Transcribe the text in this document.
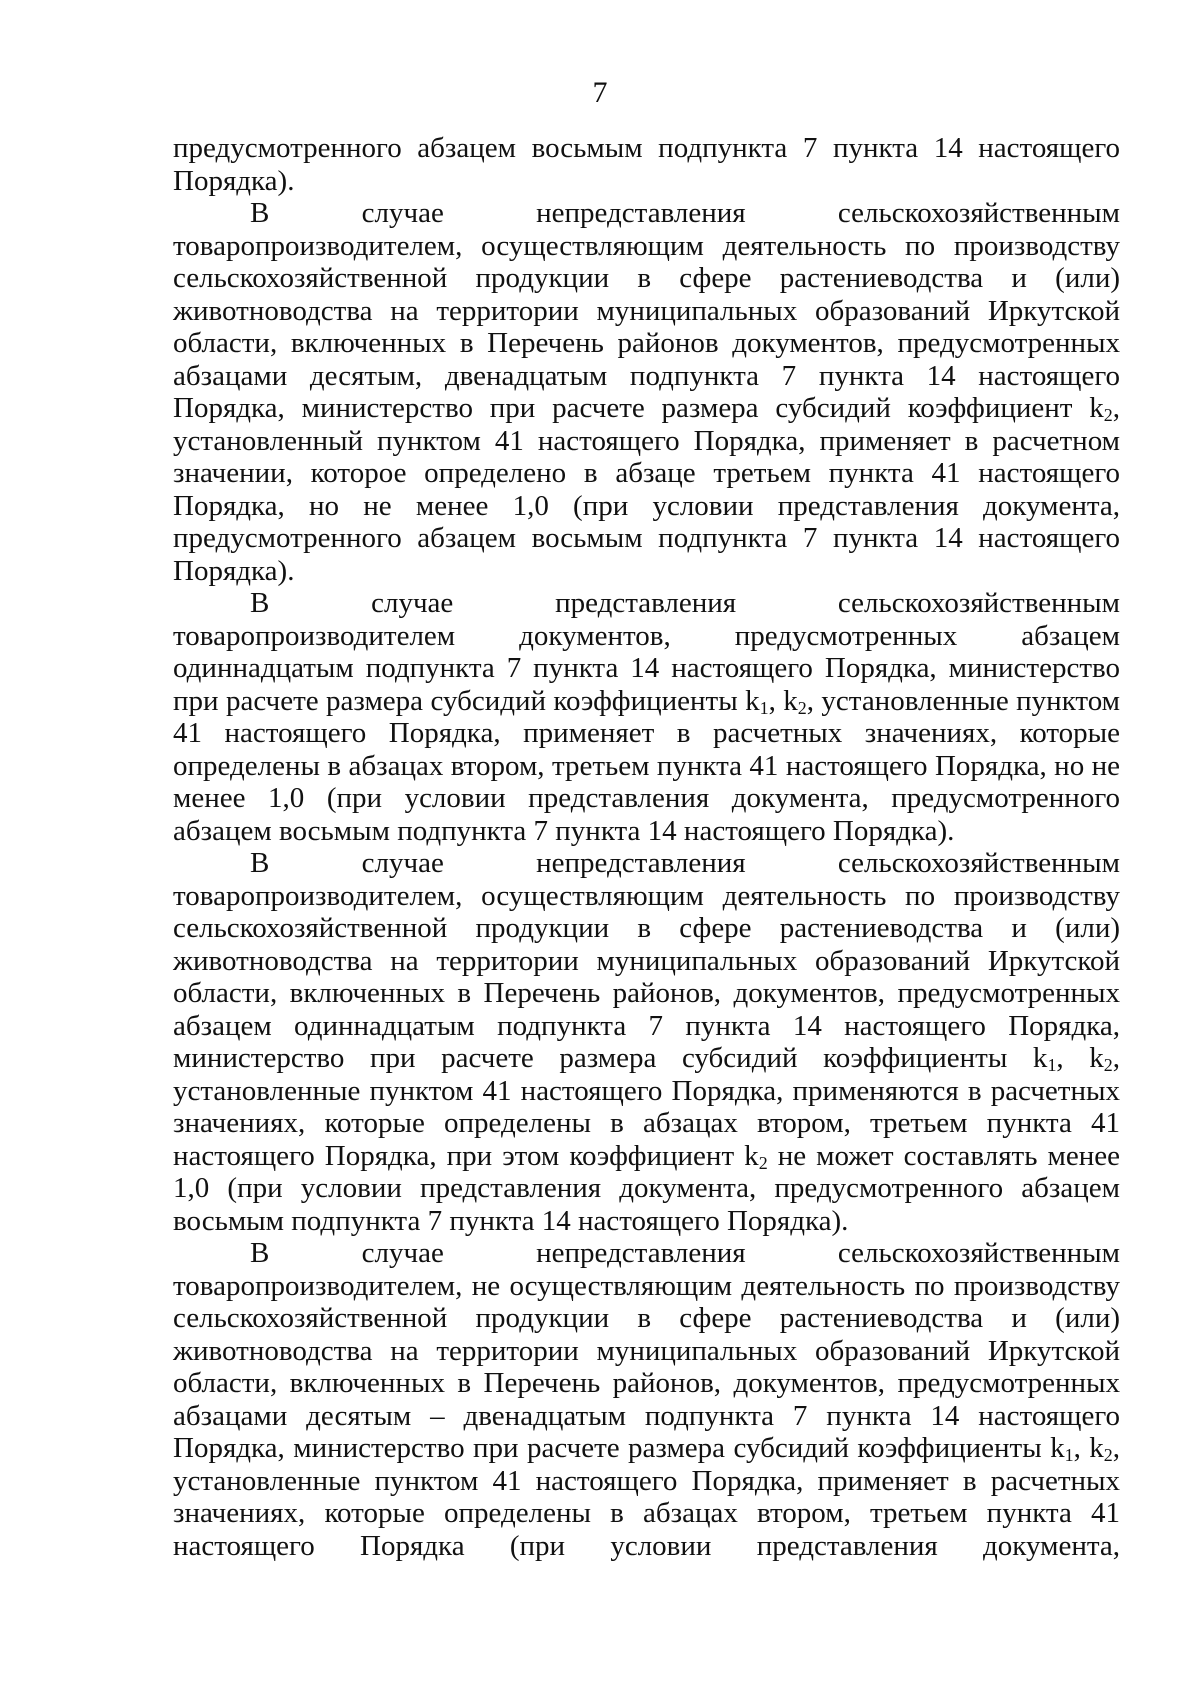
7

предусмотренного абзацем восьмым подпункта 7 пункта 14 настоящего Порядка).

В случае непредставления сельскохозяйственным товаропроизводителем, осуществляющим деятельность по производству сельскохозяйственной продукции в сфере растениеводства и (или) животноводства на территории муниципальных образований Иркутской области, включенных в Перечень районов документов, предусмотренных абзацами десятым, двенадцатым подпункта 7 пункта 14 настоящего Порядка, министерство при расчете размера субсидий коэффициент $k_2$, установленный пунктом 41 настоящего Порядка, применяет в расчетном значении, которое определено в абзаце третьем пункта 41 настоящего Порядка, но не менее 1,0 (при условии представления документа, предусмотренного абзацем восьмым подпункта 7 пункта 14 настоящего Порядка).

В случае представления сельскохозяйственным товаропроизводителем документов, предусмотренных абзацем одиннадцатым подпункта 7 пункта 14 настоящего Порядка, министерство при расчете размера субсидий коэффициенты $k_1$, $k_2$, установленные пунктом 41 настоящего Порядка, применяет в расчетных значениях, которые определены в абзацах втором, третьем пункта 41 настоящего Порядка, но не менее 1,0 (при условии представления документа, предусмотренного абзацем восьмым подпункта 7 пункта 14 настоящего Порядка).

В случае непредставления сельскохозяйственным товаропроизводителем, осуществляющим деятельность по производству сельскохозяйственной продукции в сфере растениеводства и (или) животноводства на территории муниципальных образований Иркутской области, включенных в Перечень районов, документов, предусмотренных абзацем одиннадцатым подпункта 7 пункта 14 настоящего Порядка, министерство при расчете размера субсидий коэффициенты $k_1$, $k_2$, установленные пунктом 41 настоящего Порядка, применяются в расчетных значениях, которые определены в абзацах втором, третьем пункта 41 настоящего Порядка, при этом коэффициент $k_2$ не может составлять менее 1,0 (при условии представления документа, предусмотренного абзацем восьмым подпункта 7 пункта 14 настоящего Порядка).

В случае непредставления сельскохозяйственным товаропроизводителем, не осуществляющим деятельность по производству сельскохозяйственной продукции в сфере растениеводства и (или) животноводства на территории муниципальных образований Иркутской области, включенных в Перечень районов, документов, предусмотренных абзацами десятым – двенадцатым подпункта 7 пункта 14 настоящего Порядка, министерство при расчете размера субсидий коэффициенты $k_1$, $k_2$, установленные пунктом 41 настоящего Порядка, применяет в расчетных значениях, которые определены в абзацах втором, третьем пункта 41 настоящего Порядка (при условии представления документа,
